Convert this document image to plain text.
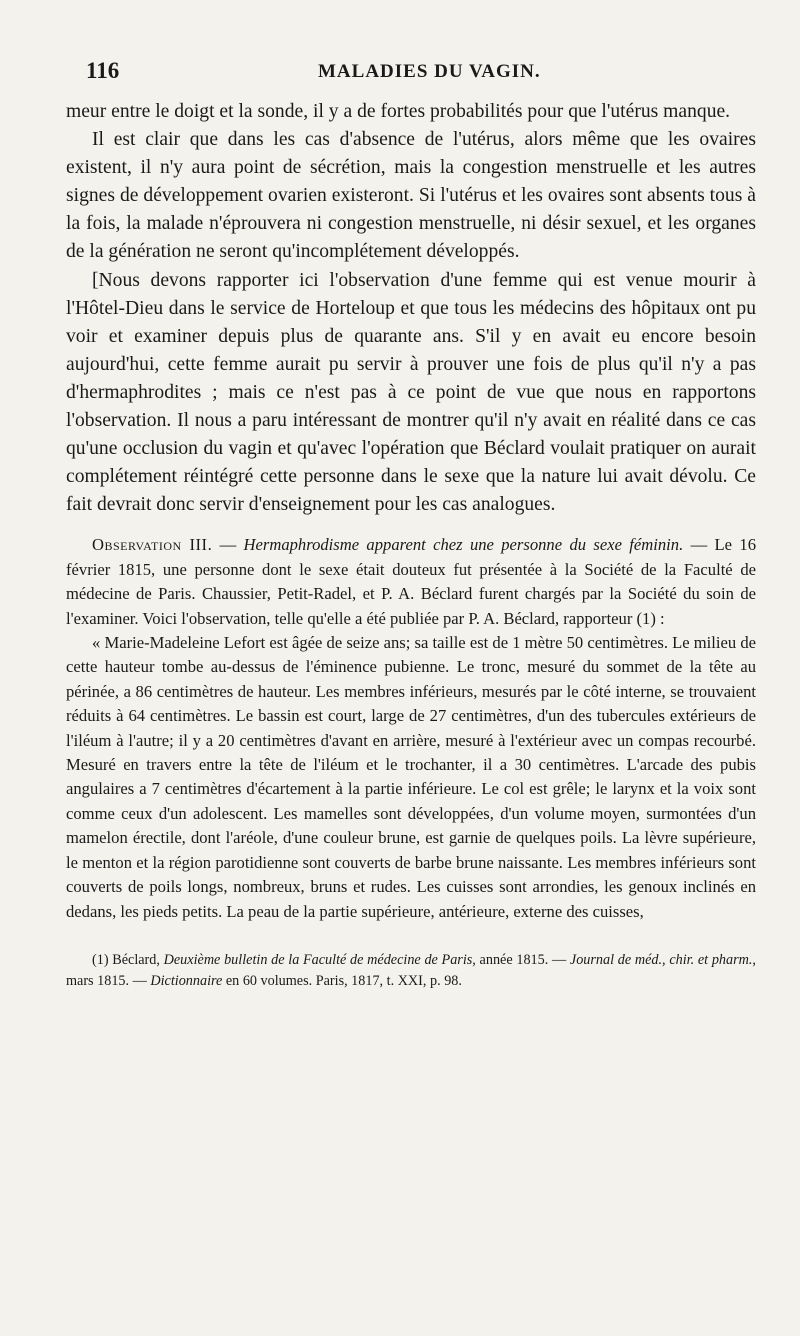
116	MALADIES DU VAGIN.

meur entre le doigt et la sonde, il y a de fortes probabilités pour que l'utérus manque.

Il est clair que dans les cas d'absence de l'utérus, alors même que les ovaires existent, il n'y aura point de sécrétion, mais la congestion menstruelle et les autres signes de développement ovarien existeront. Si l'utérus et les ovaires sont absents tous à la fois, la malade n'éprouvera ni congestion menstruelle, ni désir sexuel, et les organes de la génération ne seront qu'incomplétement développés.

[Nous devons rapporter ici l'observation d'une femme qui est venue mourir à l'Hôtel-Dieu dans le service de Horteloup et que tous les médecins des hôpitaux ont pu voir et examiner depuis plus de quarante ans. S'il y en avait eu encore besoin aujourd'hui, cette femme aurait pu servir à prouver une fois de plus qu'il n'y a pas d'hermaphrodites ; mais ce n'est pas à ce point de vue que nous en rapportons l'observation. Il nous a paru intéressant de montrer qu'il n'y avait en réalité dans ce cas qu'une occlusion du vagin et qu'avec l'opération que Béclard voulait pratiquer on aurait complétement réintégré cette personne dans le sexe que la nature lui avait dévolu. Ce fait devrait donc servir d'enseignement pour les cas analogues.

Observation III. — Hermaphrodisme apparent chez une personne du sexe féminin. — Le 16 février 1815, une personne dont le sexe était douteux fut présentée à la Société de la Faculté de médecine de Paris. Chaussier, Petit-Radel, et P. A. Béclard furent chargés par la Société du soin de l'examiner. Voici l'observation, telle qu'elle a été publiée par P. A. Béclard, rapporteur (1) :

« Marie-Madeleine Lefort est âgée de seize ans; sa taille est de 1 mètre 50 centimètres. Le milieu de cette hauteur tombe au-dessus de l'éminence pubienne. Le tronc, mesuré du sommet de la tête au périnée, a 86 centimètres de hauteur. Les membres inférieurs, mesurés par le côté interne, se trouvaient réduits à 64 centimètres. Le bassin est court, large de 27 centimètres, d'un des tubercules extérieurs de l'iléum à l'autre; il y a 20 centimètres d'avant en arrière, mesuré à l'extérieur avec un compas recourbé. Mesuré en travers entre la tête de l'iléum et le trochanter, il a 30 centimètres. L'arcade des pubis angulaires a 7 centimètres d'écartement à la partie inférieure. Le col est grêle; le larynx et la voix sont comme ceux d'un adolescent. Les mamelles sont développées, d'un volume moyen, surmontées d'un mamelon érectile, dont l'aréole, d'une couleur brune, est garnie de quelques poils. La lèvre supérieure, le menton et la région parotidienne sont couverts de barbe brune naissante. Les membres inférieurs sont couverts de poils longs, nombreux, bruns et rudes. Les cuisses sont arrondies, les genoux inclinés en dedans, les pieds petits. La peau de la partie supérieure, antérieure, externe des cuisses,

(1) Béclard, Deuxième bulletin de la Faculté de médecine de Paris, année 1815. — Journal de méd., chir. et pharm., mars 1815. — Dictionnaire en 60 volumes. Paris, 1817, t. XXI, p. 98.
